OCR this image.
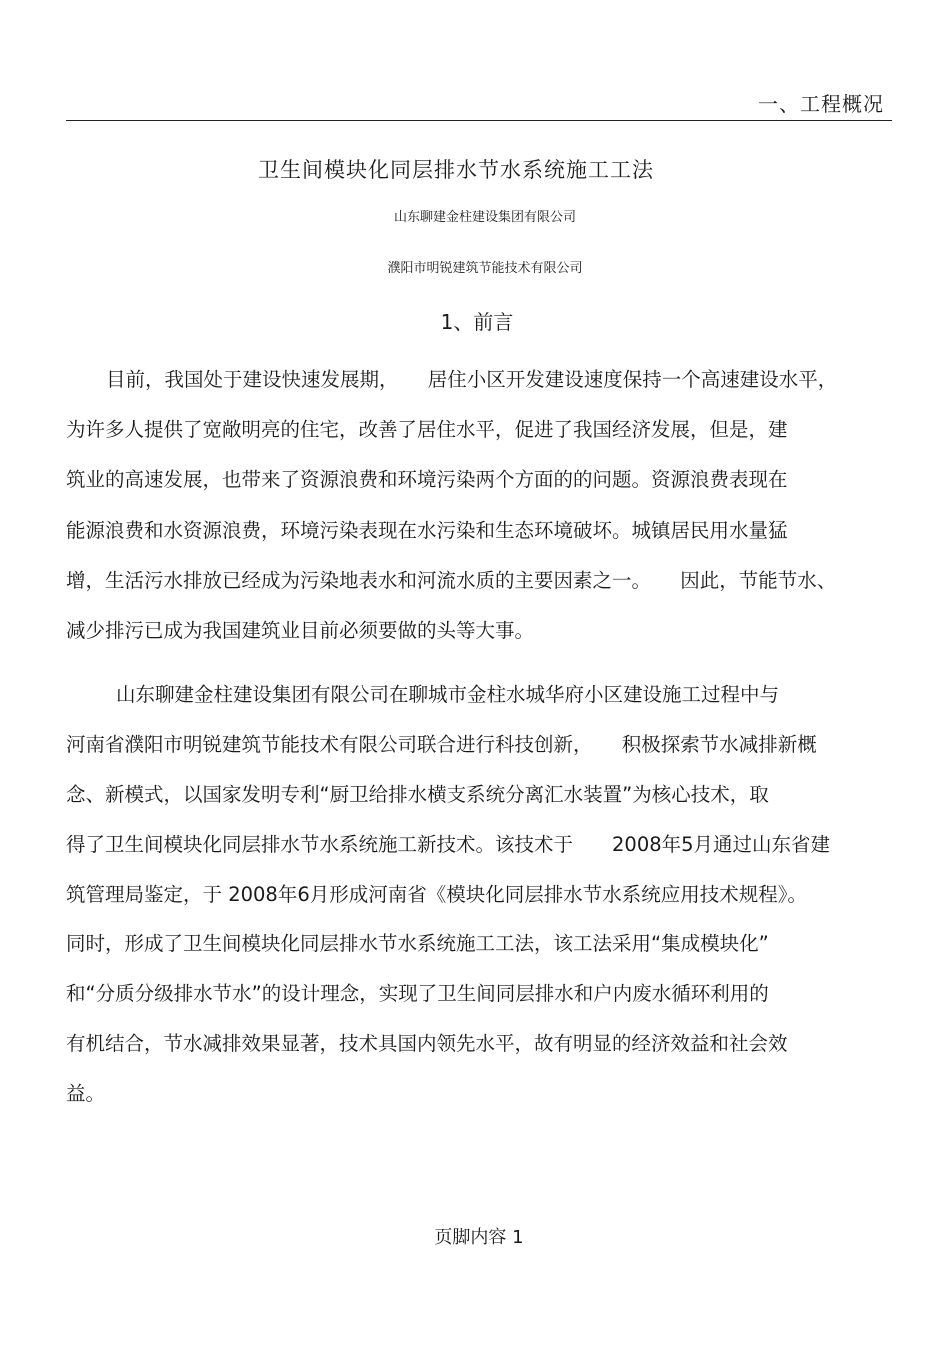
一、工程概况
卫生间模块化同层排水节水系统施工工法
山东聊建金柱建设集团有限公司
濮阳市明锐建筑节能技术有限公司
1、前言
目前，我国处于建设快速发展期，　　居住小区开发建设速度保持一个高速建设水平，
为许多人提供了宽敞明亮的住宅，改善了居住水平，促进了我国经济发展，但是，建
筑业的高速发展，也带来了资源浪费和环境污染两个方面的的问题。资源浪费表现在
能源浪费和水资源浪费，环境污染表现在水污染和生态环境破坏。城镇居民用水量猛
增，生活污水排放已经成为污染地表水和河流水质的主要因素之一。　　因此，节能节水、
减少排污已成为我国建筑业目前必须要做的头等大事。
山东聊建金柱建设集团有限公司在聊城市金柱水城华府小区建设施工过程中与
河南省濮阳市明锐建筑节能技术有限公司联合进行科技创新，　　积极探索节水减排新概
念、新模式，以国家发明专利“厨卫给排水横支系统分离汇水装置”为核心技术，取
得了卫生间模块化同层排水节水系统施工新技术。该技术于　　2008年5月通过山东省建
筑管理局鉴定，于 2008年6月形成河南省《模块化同层排水节水系统应用技术规程》。
同时，形成了卫生间模块化同层排水节水系统施工工法，该工法采用“集成模块化”
和“分质分级排水节水”的设计理念，实现了卫生间同层排水和户内废水循环利用的
有机结合，节水减排效果显著，技术具国内领先水平，故有明显的经济效益和社会效
益。
页脚内容 1
